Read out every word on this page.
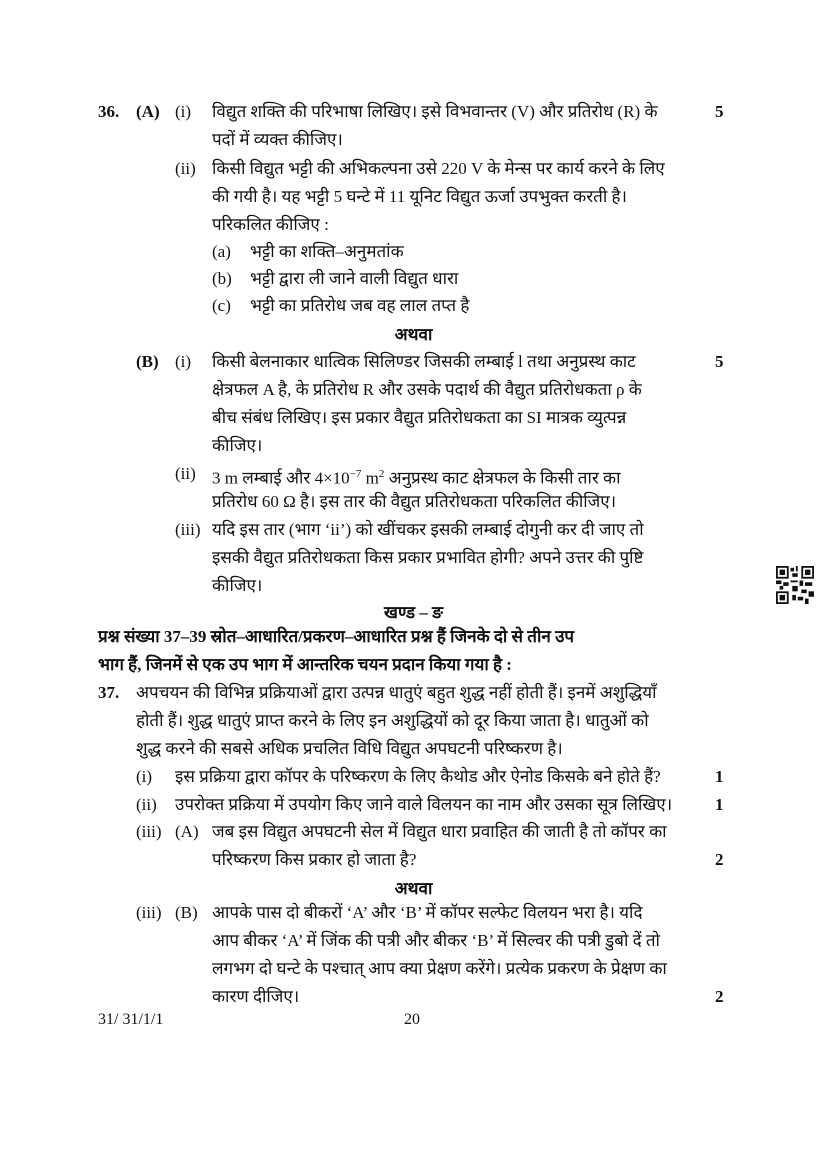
36. (A) (i) विद्युत शक्ति की परिभाषा लिखिए। इसे विभवान्तर (V) और प्रतिरोध (R) के
पदों में व्यक्त कीजिए।
5
(ii) किसी विद्युत भट्टी की अभिकल्पना उसे 220 V के मेन्स पर कार्य करने के लिए
की गयी है। यह भट्टी 5 घन्टे में 11 यूनिट विद्युत ऊर्जा उपभुक्त करती है।
परिकलित कीजिए :
(a) भट्टी का शक्ति–अनुमतांक
(b) भट्टी द्वारा ली जाने वाली विद्युत धारा
(c) भट्टी का प्रतिरोध जब वह लाल तप्त है
अथवा
(B) (i) किसी बेलनाकार धात्विक सिलिण्डर जिसकी लम्बाई l तथा अनुप्रस्थ काट
क्षेत्रफल A है, के प्रतिरोध R और उसके पदार्थ की वैद्युत प्रतिरोधकता ρ के
बीच संबंध लिखिए। इस प्रकार वैद्युत प्रतिरोधकता का SI मात्रक व्युत्पन्न
कीजिए।
5
(ii) 3 m लम्बाई और $4\times 10^{-7}$ $m^2$ अनुप्रस्थ काट क्षेत्रफल के किसी तार का
प्रतिरोध 60 Ω है। इस तार की वैद्युत प्रतिरोधकता परिकलित कीजिए।
(iii) यदि इस तार (भाग ‘ii’) को खींचकर इसकी लम्बाई दोगुनी कर दी जाए तो
इसकी वैद्युत प्रतिरोधकता किस प्रकार प्रभावित होगी? अपने उत्तर की पुष्टि
कीजिए।
खण्ड – ङ
प्रश्न संख्या 37–39 स्रोत–आधारित/प्रकरण–आधारित प्रश्न हैं जिनके दो से तीन उप
भाग हैं, जिनमें से एक उप भाग में आन्तरिक चयन प्रदान किया गया है :
37. अपचयन की विभिन्न प्रक्रियाओं द्वारा उत्पन्न धातुएं बहुत शुद्ध नहीं होती हैं। इनमें अशुद्धियाँ
होती हैं। शुद्ध धातुएं प्राप्त करने के लिए इन अशुद्धियों को दूर किया जाता है। धातुओं को
शुद्ध करने की सबसे अधिक प्रचलित विधि विद्युत अपघटनी परिष्करण है।
(i) इस प्रक्रिया द्वारा कॉपर के परिष्करण के लिए कैथोड और ऐनोड किसके बने होते हैं?	1
(ii) उपरोक्त प्रक्रिया में उपयोग किए जाने वाले विलयन का नाम और उसका सूत्र लिखिए।	1
(iii) (A) जब इस विद्युत अपघटनी सेल में विद्युत धारा प्रवाहित की जाती है तो कॉपर का
परिष्करण किस प्रकार हो जाता है?	2
अथवा
(iii) (B) आपके पास दो बीकरों ‘A’ और ‘B’ में कॉपर सल्फेट विलयन भरा है। यदि
आप बीकर ‘A’ में जिंक की पत्री और बीकर ‘B’ में सिल्वर की पत्री डुबो दें तो
लगभग दो घन्टे के पश्चात् आप क्या प्रेक्षण करेंगे। प्रत्येक प्रकरण के प्रेक्षण का
कारण दीजिए।	2
31/ 31/1/1	20
